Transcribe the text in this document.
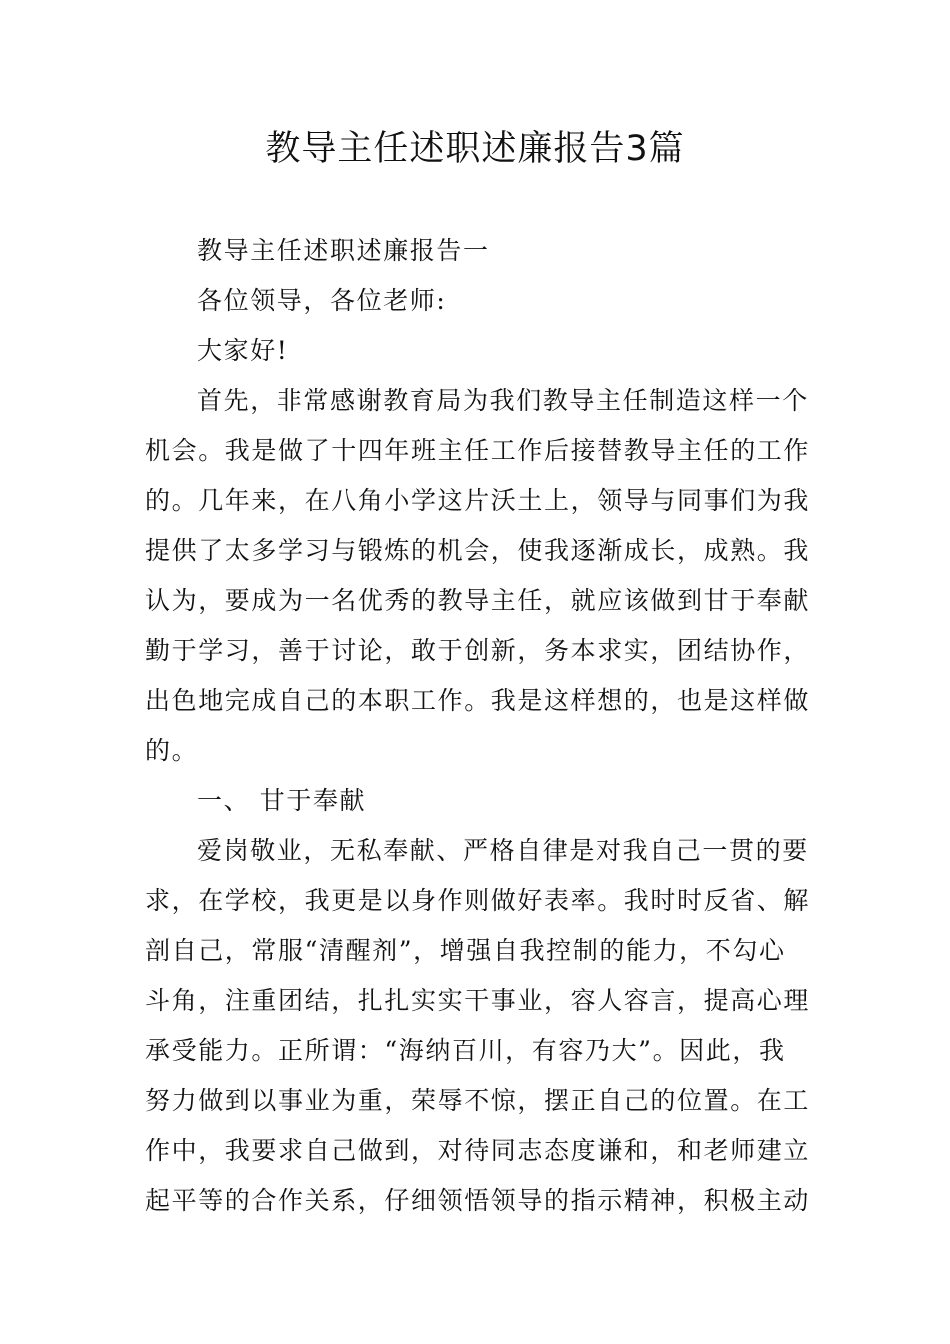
教导主任述职述廉报告3篇
教导主任述职述廉报告一
各位领导，各位老师:
大家好!
首先，非常感谢教育局为我们教导主任制造这样一个
机会。我是做了十四年班主任工作后接替教导主任的工作
的。几年来，在八角小学这片沃土上，领导与同事们为我
提供了太多学习与锻炼的机会，使我逐渐成长，成熟。我
认为，要成为一名优秀的教导主任，就应该做到甘于奉献
勤于学习，善于讨论，敢于创新，务本求实，团结协作，
出色地完成自己的本职工作。我是这样想的，也是这样做
的。
一、 甘于奉献
爱岗敬业，无私奉献、严格自律是对我自己一贯的要
求，在学校，我更是以身作则做好表率。我时时反省、解
剖自己，常服“清醒剂”，增强自我控制的能力，不勾心
斗角，注重团结，扎扎实实干事业，容人容言，提高心理
承受能力。正所谓：“海纳百川，有容乃大”。因此，我
努力做到以事业为重，荣辱不惊，摆正自己的位置。在工
作中，我要求自己做到，对待同志态度谦和，和老师建立
起平等的合作关系，仔细领悟领导的指示精神，积极主动
